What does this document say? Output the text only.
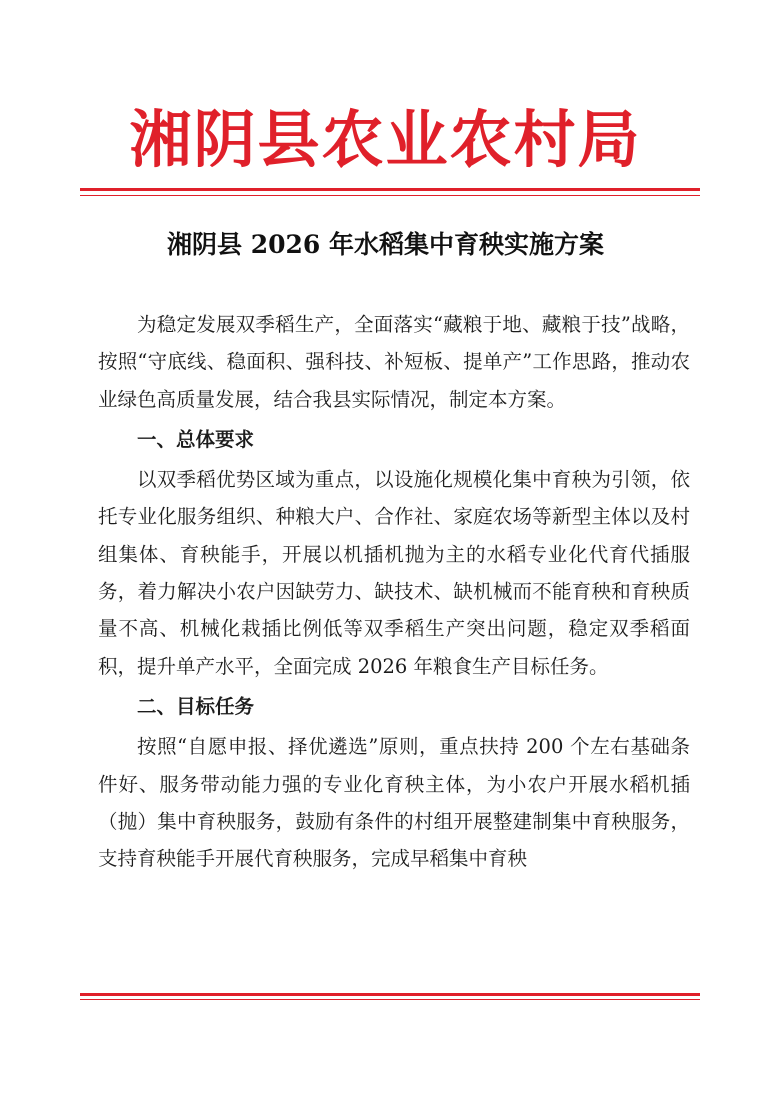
湘阴县农业农村局
湘阴县 2026 年水稻集中育秧实施方案

为稳定发展双季稻生产，全面落实“藏粮于地、藏粮于技”战略，按照“守底线、稳面积、强科技、补短板、提单产”工作思路，推动农业绿色高质量发展，结合我县实际情况，制定本方案。

一、总体要求

以双季稻优势区域为重点，以设施化规模化集中育秧为引领，依托专业化服务组织、种粮大户、合作社、家庭农场等新型主体以及村组集体、育秧能手，开展以机插机抛为主的水稻专业化代育代插服务，着力解决小农户因缺劳力、缺技术、缺机械而不能育秧和育秧质量不高、机械化栽插比例低等双季稻生产突出问题，稳定双季稻面积，提升单产水平，全面完成 2026 年粮食生产目标任务。

二、目标任务

按照“自愿申报、择优遴选”原则，重点扶持 200 个左右基础条件好、服务带动能力强的专业化育秧主体，为小农户开展水稻机插（抛）集中育秧服务，鼓励有条件的村组开展整建制集中育秧服务，支持育秧能手开展代育秧服务，完成早稻集中育秧
